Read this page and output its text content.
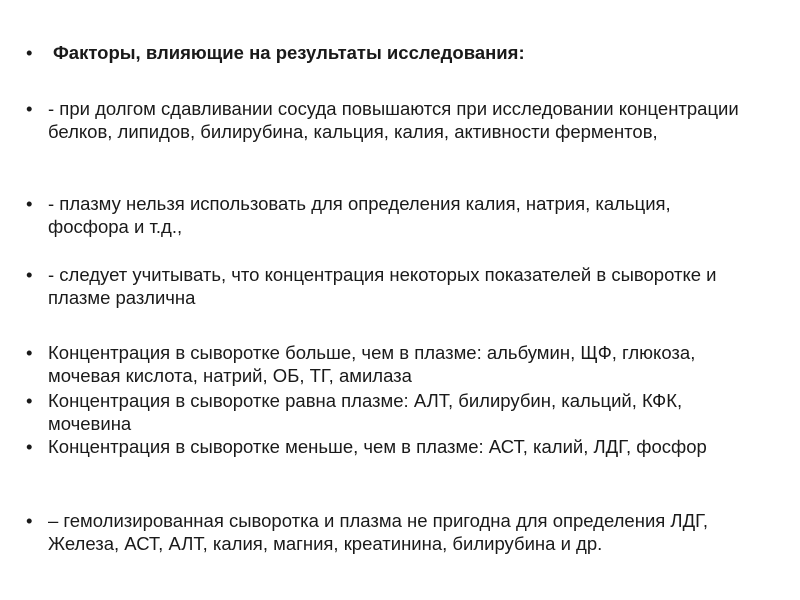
•	Факторы, влияющие на результаты исследования:
• - при долгом сдавливании сосуда повышаются при исследовании концентрации белков, липидов, билирубина, кальция, калия, активности ферментов,
• - плазму нельзя использовать для определения калия, натрия, кальция, фосфора и т.д.,
• - следует учитывать, что концентрация некоторых показателей в сыворотке и плазме различна
• Концентрация в сыворотке больше, чем в плазме: альбумин, ЩФ, глюкоза, мочевая кислота, натрий, ОБ, ТГ, амилаза
• Концентрация в сыворотке равна плазме: АЛТ, билирубин, кальций, КФК, мочевина
• Концентрация в сыворотке меньше, чем в плазме: АСТ, калий, ЛДГ, фосфор
• – гемолизированная сыворотка и плазма не пригодна для определения ЛДГ, Железа, АСТ, АЛТ, калия, магния, креатинина, билирубина и др.
